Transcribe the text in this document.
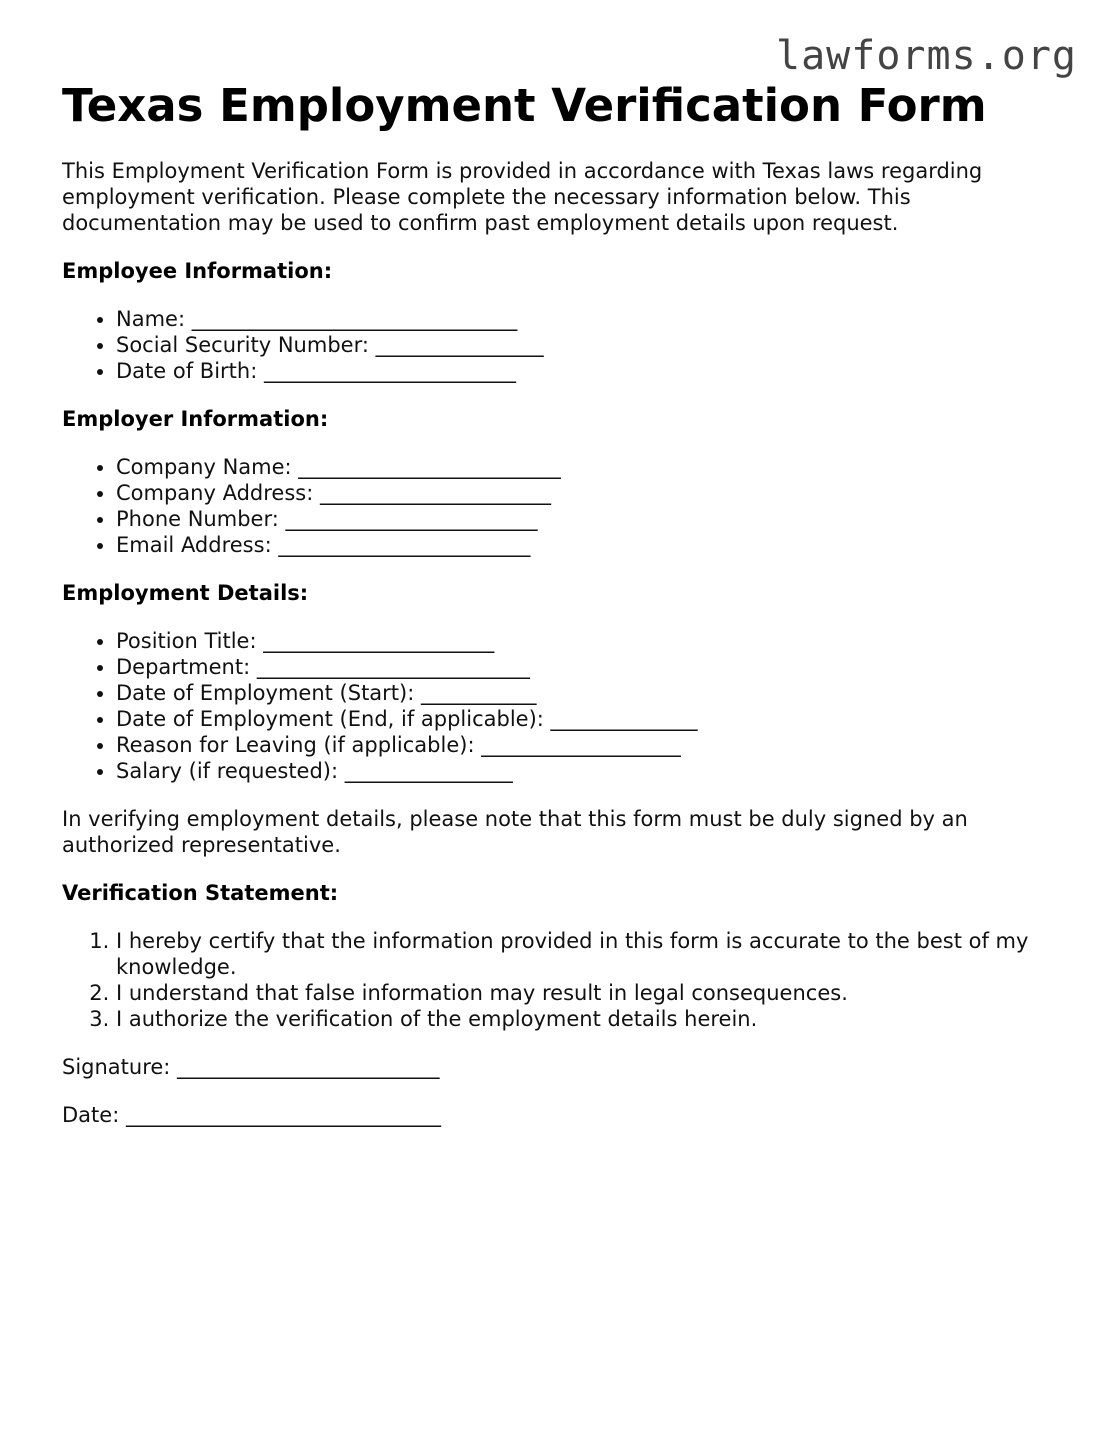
lawforms.org
Texas Employment Verification Form

This Employment Verification Form is provided in accordance with Texas laws regarding employment verification. Please complete the necessary information below. This documentation may be used to confirm past employment details upon request.

Employee Information:
• Name: _______________________________
• Social Security Number: ________________
• Date of Birth: ________________________
Employer Information:
• Company Name: _________________________
• Company Address: ______________________
• Phone Number: ________________________
• Email Address: ________________________
Employment Details:
• Position Title: ______________________
• Department: __________________________
• Date of Employment (Start): ___________
• Date of Employment (End, if applicable): ______________
• Reason for Leaving (if applicable): ___________________
• Salary (if requested): ________________

In verifying employment details, please note that this form must be duly signed by an authorized representative.

Verification Statement:
1. I hereby certify that the information provided in this form is accurate to the best of my knowledge.
2. I understand that false information may result in legal consequences.
3. I authorize the verification of the employment details herein.
Signature: _________________________
Date: ______________________________
